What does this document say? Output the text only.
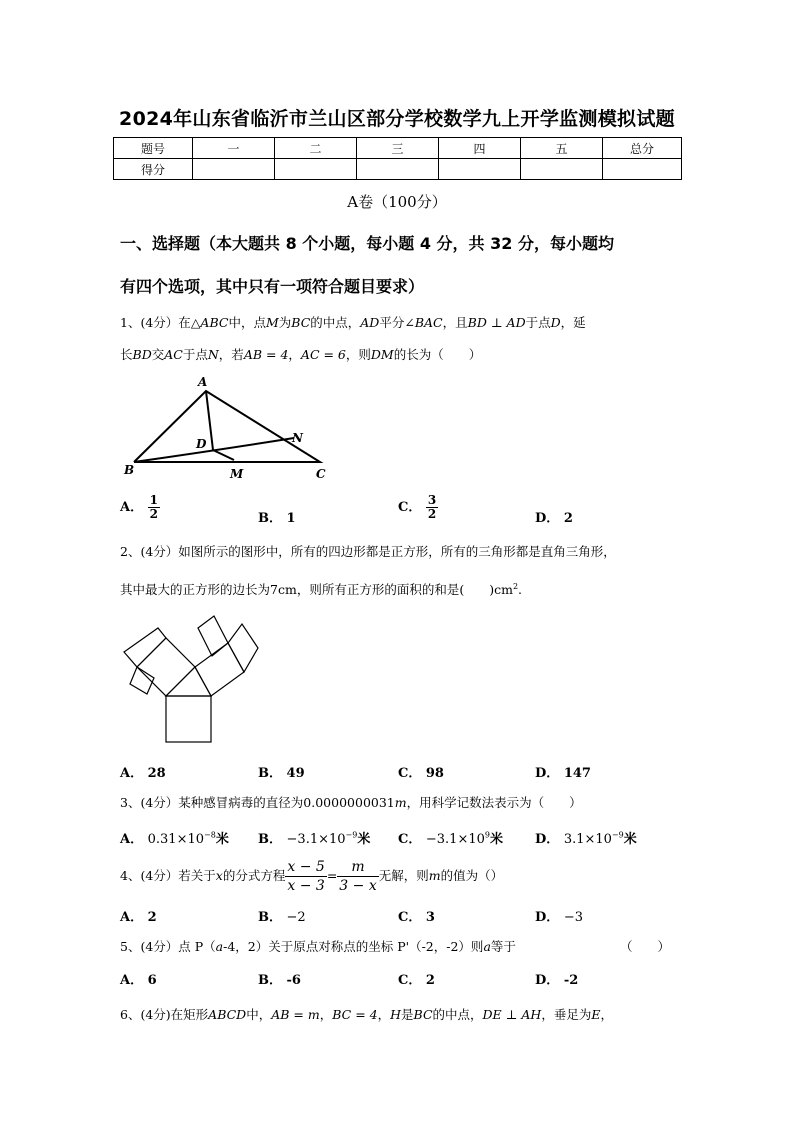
2024年山东省临沂市兰山区部分学校数学九上开学监测模拟试题
题号	一	二	三	四	五	总分
得分						
A卷（100分）
一、选择题（本大题共 8 个小题，每小题 4 分，共 32 分，每小题均
有四个选项，其中只有一项符合题目要求）
1、(4分）在△ABC中，点M为BC的中点，AD平分∠BAC，且BD ⊥ AD于点D，延
长BD交AC于点N，若AB = 4，AC = 6，则DM的长为（　　）
A
B	C
D
M
N
A． $\frac{1}{2}$	B． 1
C． $\frac{3}{2}$	D． 2
2、(4分）如图所示的图形中，所有的四边形都是正方形，所有的三角形都是直角三角形，
其中最大的正方形的边长为7cm，则所有正方形的面积的和是(　　)$cm^2$.
A． 28	B． 49	C． 98	D． 147
3、(4分）某种感冒病毒的直径为0.0000000031m，用科学记数法表示为（　　）
A． $0.31\times 10^{-8}$米 B． $-3.1\times 10^{-9}$米 C． $-3.1\times 10^9$米 D． $3.1\times 10^{-9}$米
4、(4分）若关于x的分式方程 $\frac{x - 5}{x - 3} = \frac{m}{3 - x}$ 无解，则m的值为（）
A． 2	B． −2	C． 3	D． −3
5、(4分）点 P（a-4，2）关于原点对称点的坐标 P'（-2，-2）则a等于	（　　）
A． 6	B． -6	C． 2	D． -2
6、(4分)在矩形ABCD中，AB = m，BC = 4，H是BC的中点，DE ⊥ AH，垂足为E，
